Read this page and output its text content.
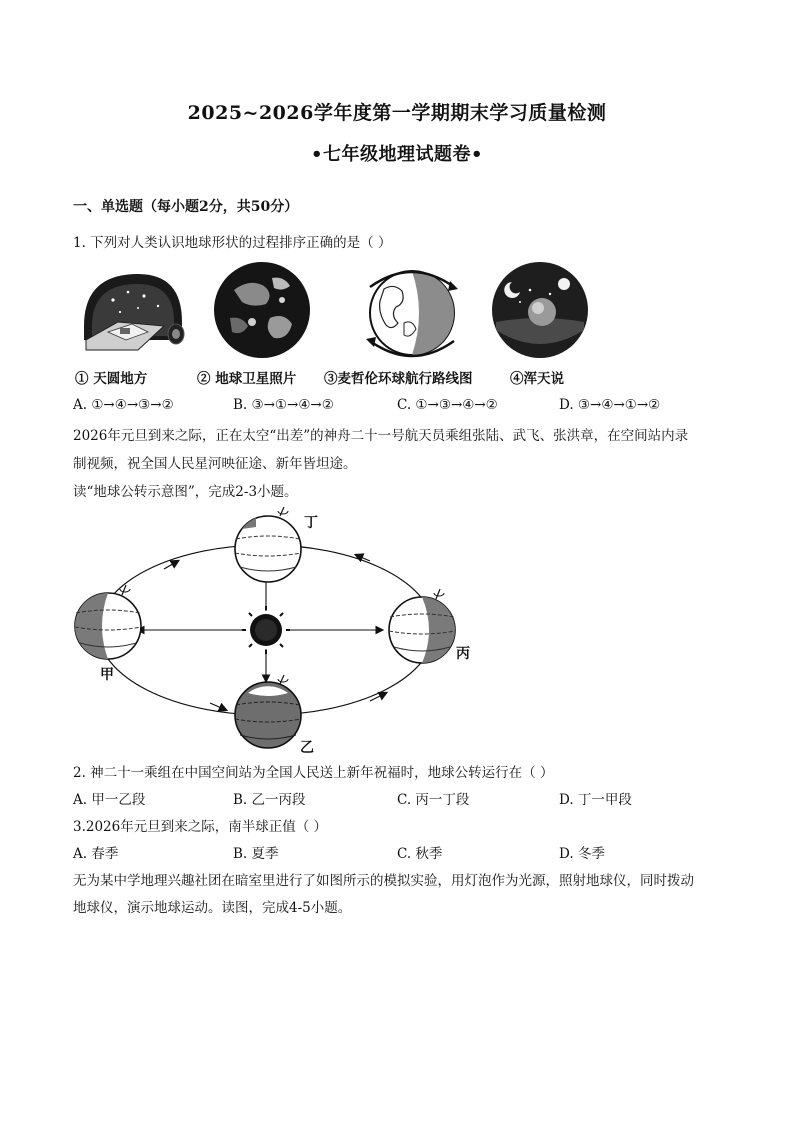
2025~2026学年度第一学期期末学习质量检测
•七年级地理试题卷•
一、单选题（每小题2分，共50分）
1. 下列对人类认识地球形状的过程排序正确的是（ ）
① 天圆地方	② 地球卫星照片 ③麦哲伦环球航行路线图	④浑天说
A. ①→④→③→②	B. ③→①→④→②	C. ①→③→④→②	D. ③→④→①→②
2026年元旦到来之际，正在太空“出差”的神舟二十一号航天员乘组张陆、武飞、张洪章，在空间站内录
制视频，祝全国人民星河映征途、新年皆坦途。
读“地球公转示意图”，完成2-3小题。
丁
甲
丙
乙
2. 神二十一乘组在中国空间站为全国人民送上新年祝福时，地球公转运行在（ ）
A. 甲一乙段	B. 乙一丙段	C. 丙一丁段	D. 丁一甲段
3.2026年元旦到来之际，南半球正值（ ）
A. 春季	B. 夏季	C. 秋季	D. 冬季
无为某中学地理兴趣社团在暗室里进行了如图所示的模拟实验，用灯泡作为光源，照射地球仪，同时拨动
地球仪，演示地球运动。读图，完成4-5小题。
